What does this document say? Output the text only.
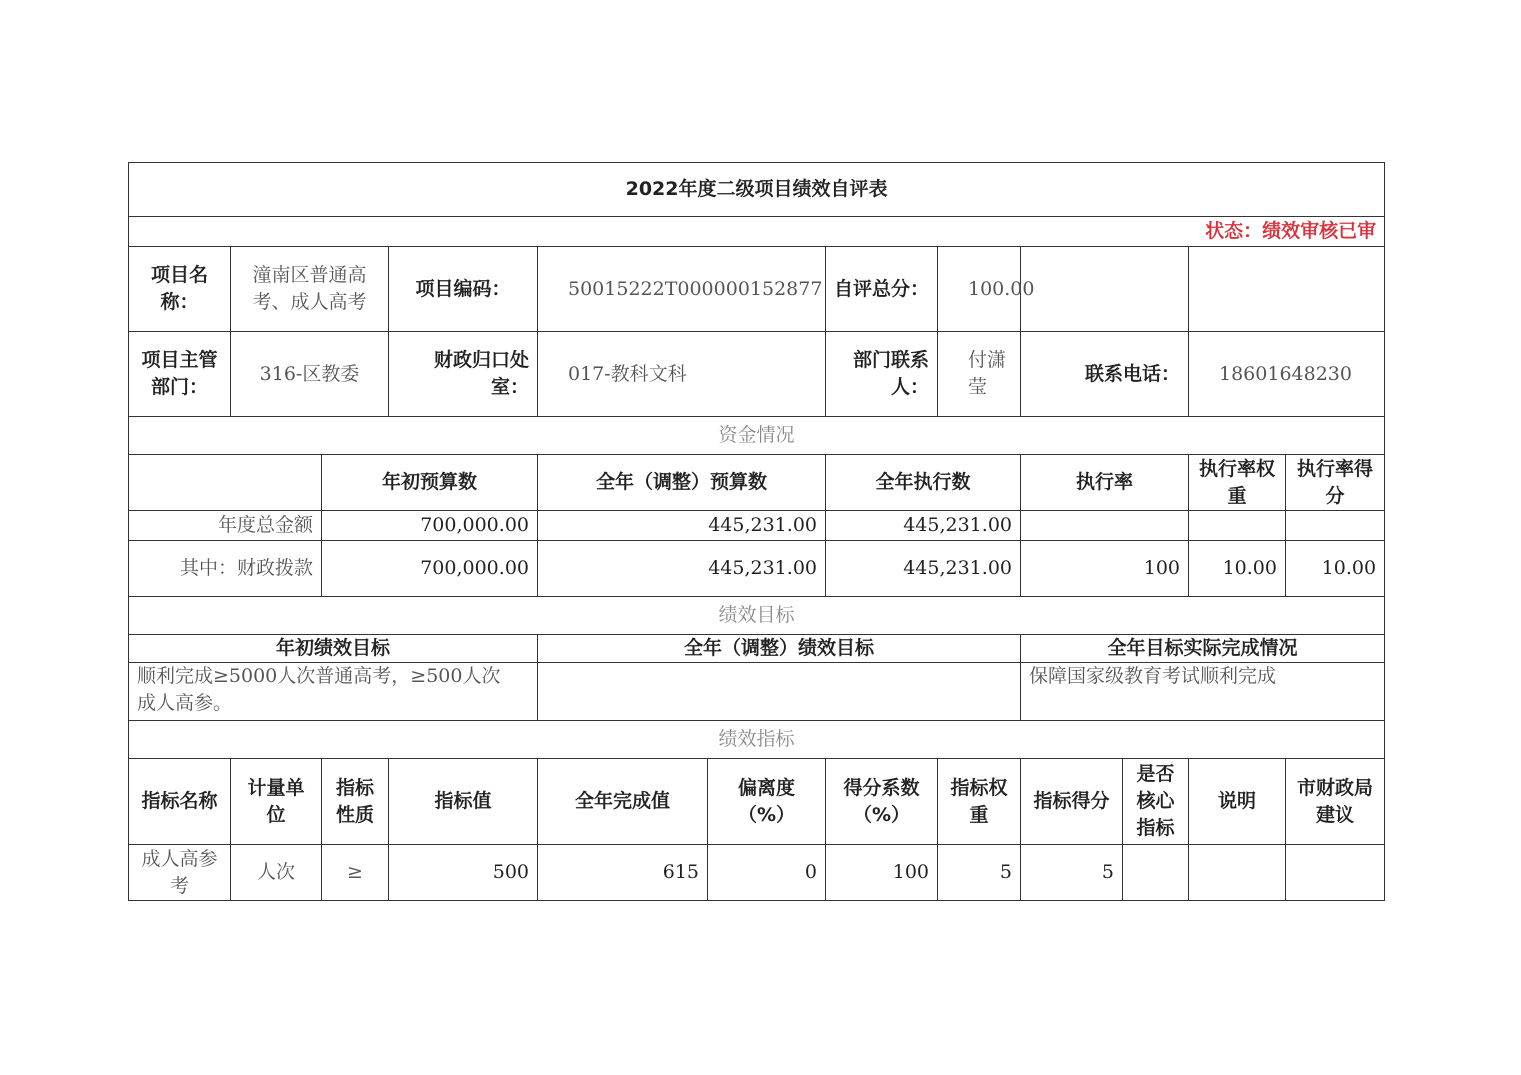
2022年度二级项目绩效自评表											
状态：绩效审核已审											
项目名称：	潼南区普通高考、成人高考		项目编码：	50015222T000000152877		自评总分：	100.00				
项目主管部门：	316-区教委		财政归口处室：	017-教科文科		部门联系人：	付潇莹	联系电话：		18601648230	
资金情况											
		年初预算数		全年（调整）预算数		全年执行数		执行率		执行率权重	执行率得分
年度总金额		700,000.00		445,231.00		445,231.00					
其中：财政拨款		700,000.00		445,231.00		445,231.00		100		10.00	10.00
绩效目标											
年初绩效目标				全年（调整）绩效目标				全年目标实际完成情况			
顺利完成≥5000人次普通高考，≥500人次成人高参。								保障国家级教育考试顺利完成			
绩效指标											
指标名称	计量单位	指标性质	指标值	全年完成值	偏离度（%）	得分系数（%）	指标权重	指标得分	是否核心指标	说明	市财政局建议
成人高参考	人次	≥	500	615	0	100	5	5			
